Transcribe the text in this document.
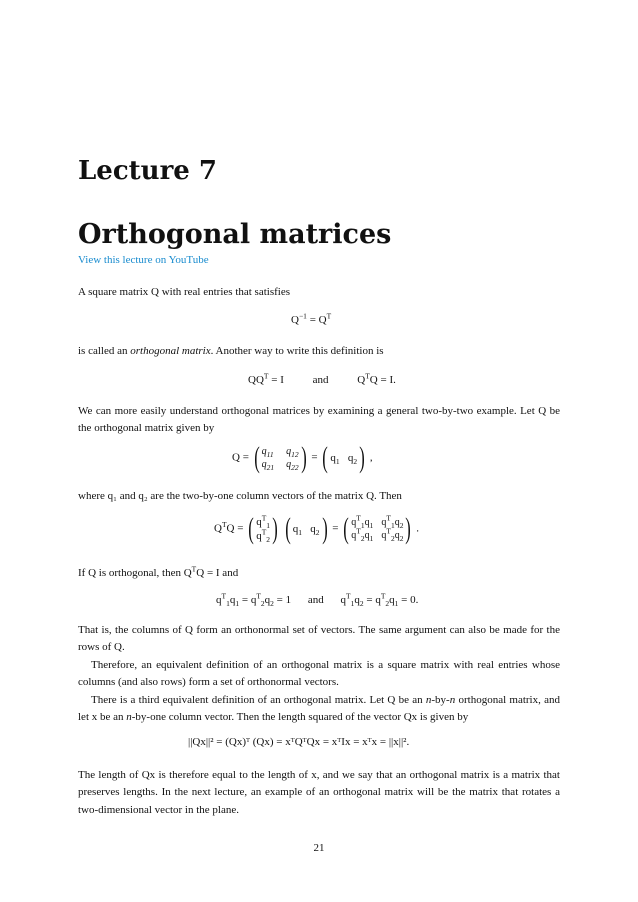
Lecture 7
Orthogonal matrices
View this lecture on YouTube

A square matrix Q with real entries that satisfies

$Q^{-1} = Q^T$

is called an orthogonal matrix. Another way to write this definition is

$QQ^T = I$	and	$Q^TQ = I$.

We can more easily understand orthogonal matrices by examining a general two-by-two example. Let Q be the orthogonal matrix given by

Q = ( $q_{11}$ $q_{12}$
$q_{21}$ $q_{22}$ ) = ( $q_1$ $q_2$ ) ,

where q₁ and q₂ are the two-by-one column vectors of the matrix Q. Then

$Q^TQ$ = ( $q^T_1$
$q^T_2$ )
( $q_1$ $q_2$ ) = ( $q^T_1q_1$ $q^T_1q_2$
$q^T_2q_1$ $q^T_2q_2$ ) .

If Q is orthogonal, then $Q^TQ = I$ and

$q^T_1q_1 = q^T_2q_2 = 1$ and $q^T_1q_2 = q^T_2q_1 = 0$.

That is, the columns of Q form an orthonormal set of vectors. The same argument can also be made for the rows of Q.

Therefore, an equivalent definition of an orthogonal matrix is a square matrix with real entries whose columns (and also rows) form a set of orthonormal vectors.

There is a third equivalent definition of an orthogonal matrix. Let Q be an n-by-n orthogonal matrix, and let x be an n-by-one column vector. Then the length squared of the vector Qx is given by

||Qx||² = (Qx)ᵀ (Qx) = xᵀQᵀQx = xᵀIx = xᵀx = ||x||².

The length of Qx is therefore equal to the length of x, and we say that an orthogonal matrix is a matrix that preserves lengths. In the next lecture, an example of an orthogonal matrix will be the matrix that rotates a two-dimensional vector in the plane.

21
